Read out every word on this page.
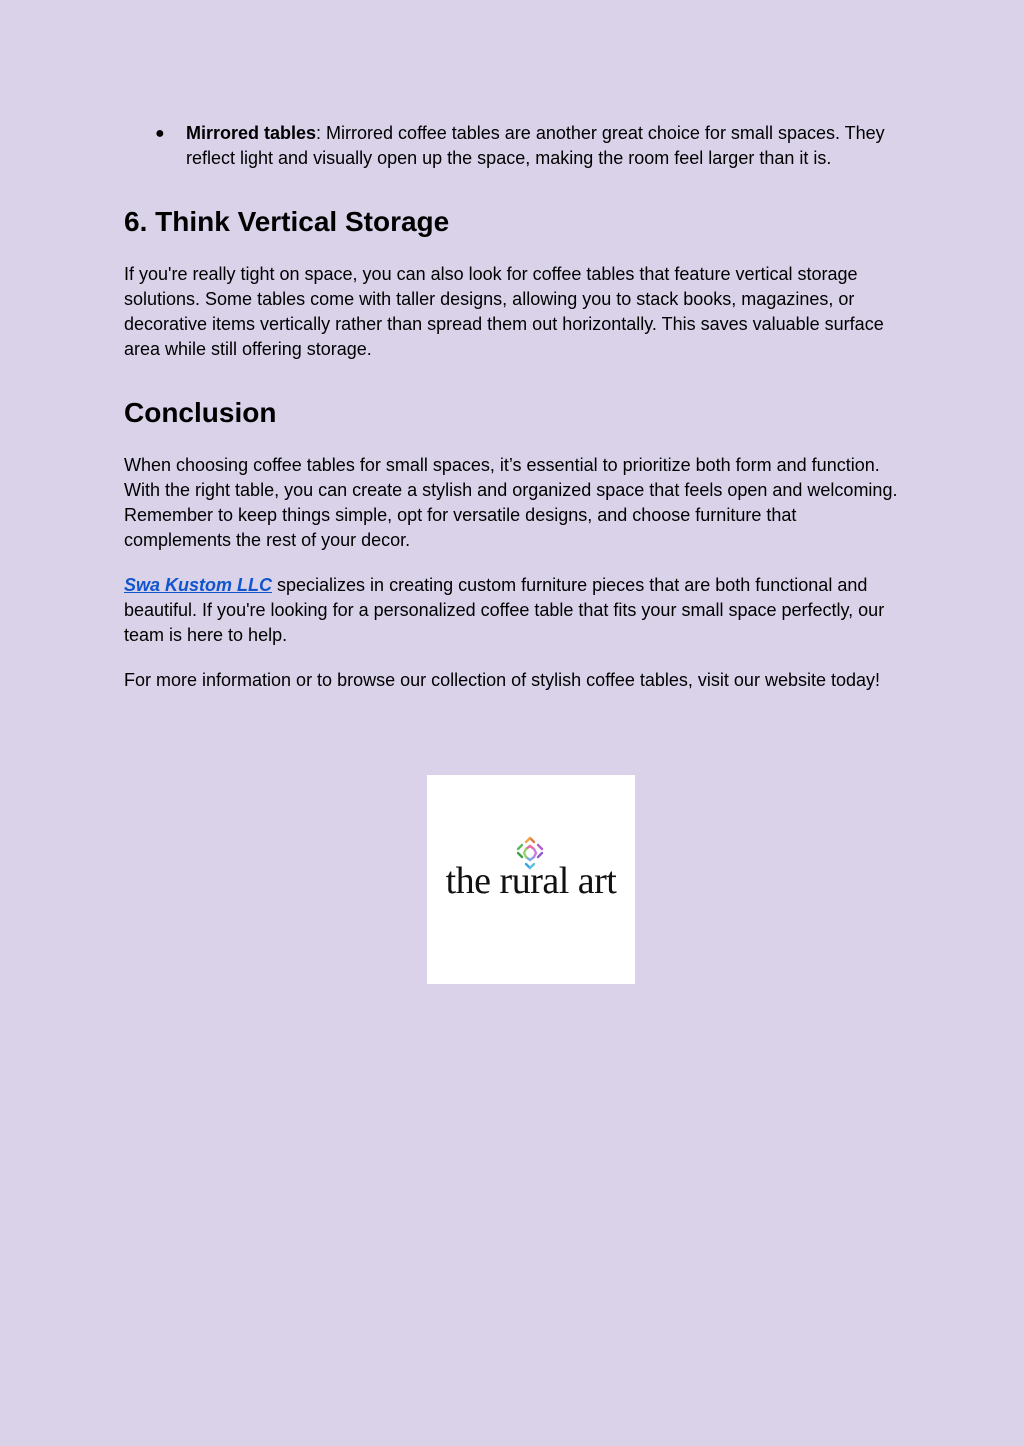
● Mirrored tables: Mirrored coffee tables are another great choice for small spaces. They reflect light and visually open up the space, making the room feel larger than it is.
6. Think Vertical Storage

If you're really tight on space, you can also look for coffee tables that feature vertical storage solutions. Some tables come with taller designs, allowing you to stack books, magazines, or decorative items vertically rather than spread them out horizontally. This saves valuable surface area while still offering storage.

Conclusion

When choosing coffee tables for small spaces, it’s essential to prioritize both form and function. With the right table, you can create a stylish and organized space that feels open and welcoming. Remember to keep things simple, opt for versatile designs, and choose furniture that complements the rest of your decor.

Swa Kustom LLC specializes in creating custom furniture pieces that are both functional and beautiful. If you're looking for a personalized coffee table that fits your small space perfectly, our team is here to help.

For more information or to browse our collection of stylish coffee tables, visit our website today!

the rural art
